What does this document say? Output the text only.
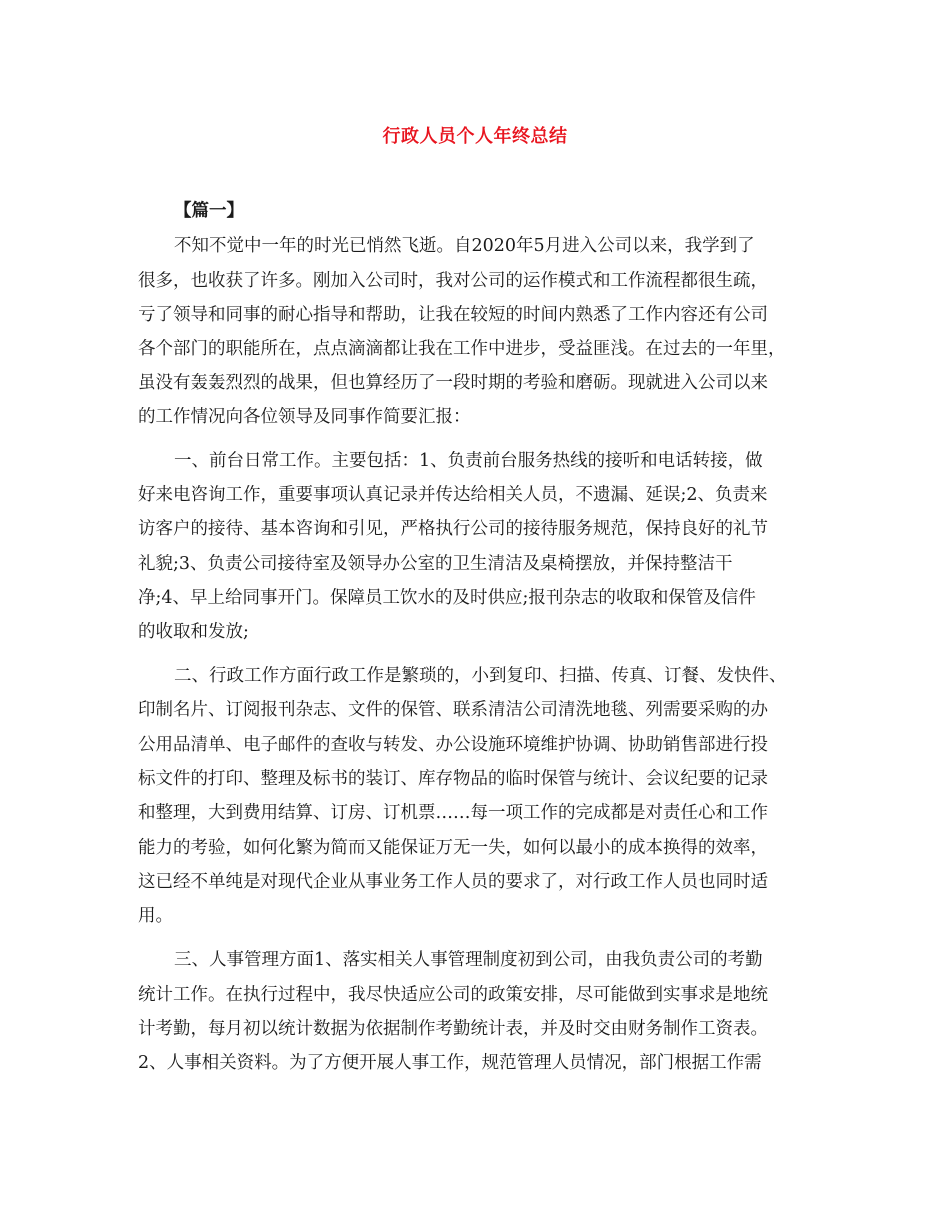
行政人员个人年终总结
【篇一】
不知不觉中一年的时光已悄然飞逝。自2020年5月进入公司以来，我学到了
很多，也收获了许多。刚加入公司时，我对公司的运作模式和工作流程都很生疏，
亏了领导和同事的耐心指导和帮助，让我在较短的时间内熟悉了工作内容还有公司
各个部门的职能所在，点点滴滴都让我在工作中进步，受益匪浅。在过去的一年里，
虽没有轰轰烈烈的战果，但也算经历了一段时期的考验和磨砺。现就进入公司以来
的工作情况向各位领导及同事作简要汇报：
一、前台日常工作。主要包括：1、负责前台服务热线的接听和电话转接，做
好来电咨询工作，重要事项认真记录并传达给相关人员，不遗漏、延误;2、负责来
访客户的接待、基本咨询和引见，严格执行公司的接待服务规范，保持良好的礼节
礼貌;3、负责公司接待室及领导办公室的卫生清洁及桌椅摆放，并保持整洁干
净;4、早上给同事开门。保障员工饮水的及时供应;报刊杂志的收取和保管及信件
的收取和发放;
二、行政工作方面行政工作是繁琐的，小到复印、扫描、传真、订餐、发快件、
印制名片、订阅报刊杂志、文件的保管、联系清洁公司清洗地毯、列需要采购的办
公用品清单、电子邮件的查收与转发、办公设施环境维护协调、协助销售部进行投
标文件的打印、整理及标书的装订、库存物品的临时保管与统计、会议纪要的记录
和整理，大到费用结算、订房、订机票……每一项工作的完成都是对责任心和工作
能力的考验，如何化繁为简而又能保证万无一失，如何以最小的成本换得的效率，
这已经不单纯是对现代企业从事业务工作人员的要求了，对行政工作人员也同时适
用。
三、人事管理方面1、落实相关人事管理制度初到公司，由我负责公司的考勤
统计工作。在执行过程中，我尽快适应公司的政策安排，尽可能做到实事求是地统
计考勤，每月初以统计数据为依据制作考勤统计表，并及时交由财务制作工资表。
2、人事相关资料。为了方便开展人事工作，规范管理人员情况，部门根据工作需
